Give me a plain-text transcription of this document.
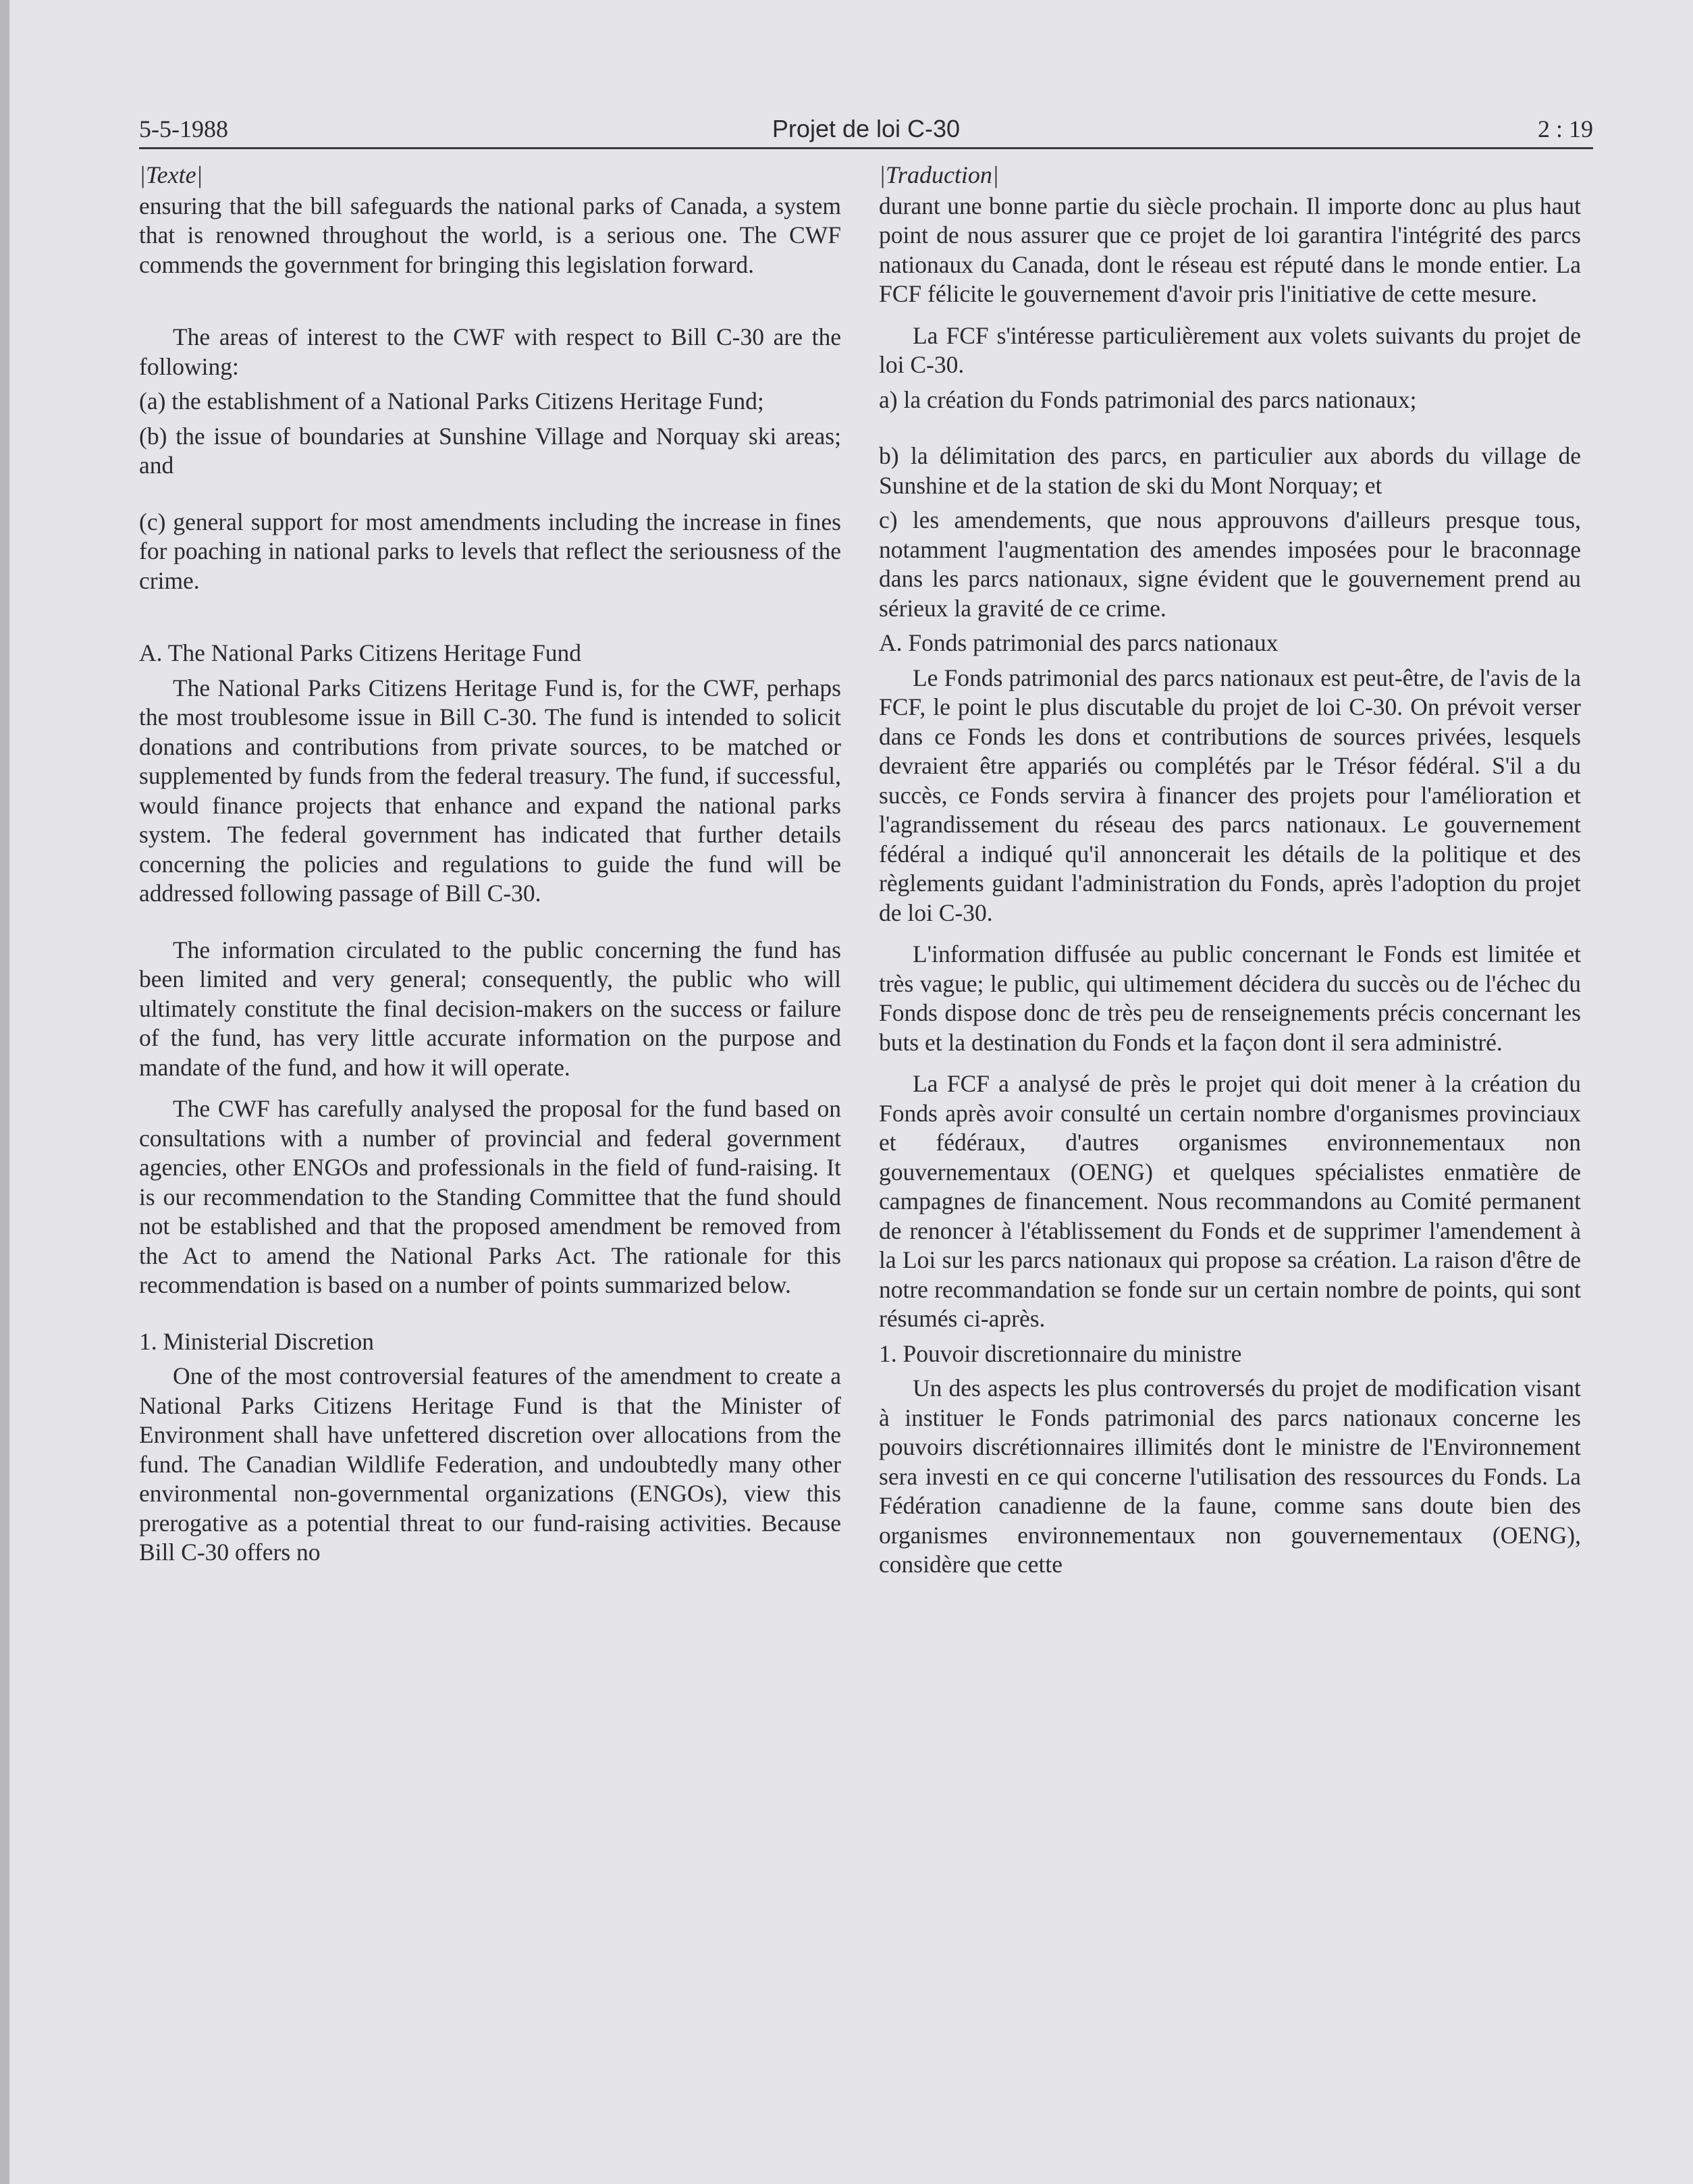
5-5-1988	Projet de loi C-30	2 : 19

|Texte|

ensuring that the bill safeguards the national parks of Canada, a system that is renowned throughout the world, is a serious one. The CWF commends the government for bringing this legislation forward.

The areas of interest to the CWF with respect to Bill C-30 are the following:

(a) the establishment of a National Parks Citizens Heritage Fund;

(b) the issue of boundaries at Sunshine Village and Norquay ski areas; and

(c) general support for most amendments including the increase in fines for poaching in national parks to levels that reflect the seriousness of the crime.

A. The National Parks Citizens Heritage Fund

The National Parks Citizens Heritage Fund is, for the CWF, perhaps the most troublesome issue in Bill C-30. The fund is intended to solicit donations and contributions from private sources, to be matched or supplemented by funds from the federal treasury. The fund, if successful, would finance projects that enhance and expand the national parks system. The federal government has indicated that further details concerning the policies and regulations to guide the fund will be addressed following passage of Bill C-30.

The information circulated to the public concerning the fund has been limited and very general; consequently, the public who will ultimately constitute the final decision-makers on the success or failure of the fund, has very little accurate information on the purpose and mandate of the fund, and how it will operate.

The CWF has carefully analysed the proposal for the fund based on consultations with a number of provincial and federal government agencies, other ENGOs and professionals in the field of fund-raising. It is our recommendation to the Standing Committee that the fund should not be established and that the proposed amendment be removed from the Act to amend the National Parks Act. The rationale for this recommendation is based on a number of points summarized below.

1. Ministerial Discretion

One of the most controversial features of the amendment to create a National Parks Citizens Heritage Fund is that the Minister of Environment shall have unfettered discretion over allocations from the fund. The Canadian Wildlife Federation, and undoubtedly many other environmental non-governmental organizations (ENGOs), view this prerogative as a potential threat to our fund-raising activities. Because Bill C-30 offers no

|Traduction|

durant une bonne partie du siècle prochain. Il importe donc au plus haut point de nous assurer que ce projet de loi garantira l'intégrité des parcs nationaux du Canada, dont le réseau est réputé dans le monde entier. La FCF félicite le gouvernement d'avoir pris l'initiative de cette mesure.

La FCF s'intéresse particulièrement aux volets suivants du projet de loi C-30.

a) la création du Fonds patrimonial des parcs nationaux;

b) la délimitation des parcs, en particulier aux abords du village de Sunshine et de la station de ski du Mont Norquay; et

c) les amendements, que nous approuvons d'ailleurs presque tous, notamment l'augmentation des amendes imposées pour le braconnage dans les parcs nationaux, signe évident que le gouvernement prend au sérieux la gravité de ce crime.

A. Fonds patrimonial des parcs nationaux

Le Fonds patrimonial des parcs nationaux est peut-être, de l'avis de la FCF, le point le plus discutable du projet de loi C-30. On prévoit verser dans ce Fonds les dons et contributions de sources privées, lesquels devraient être appariés ou complétés par le Trésor fédéral. S'il a du succès, ce Fonds servira à financer des projets pour l'amélioration et l'agrandissement du réseau des parcs nationaux. Le gouvernement fédéral a indiqué qu'il annoncerait les détails de la politique et des règlements guidant l'administration du Fonds, après l'adoption du projet de loi C-30.

L'information diffusée au public concernant le Fonds est limitée et très vague; le public, qui ultimement décidera du succès ou de l'échec du Fonds dispose donc de très peu de renseignements précis concernant les buts et la destination du Fonds et la façon dont il sera administré.

La FCF a analysé de près le projet qui doit mener à la création du Fonds après avoir consulté un certain nombre d'organismes provinciaux et fédéraux, d'autres organismes environnementaux non gouvernementaux (OENG) et quelques spécialistes enmatière de campagnes de financement. Nous recommandons au Comité permanent de renoncer à l'établissement du Fonds et de supprimer l'amendement à la Loi sur les parcs nationaux qui propose sa création. La raison d'être de notre recommandation se fonde sur un certain nombre de points, qui sont résumés ci-après.

1. Pouvoir discretionnaire du ministre

Un des aspects les plus controversés du projet de modification visant à instituer le Fonds patrimonial des parcs nationaux concerne les pouvoirs discrétionnaires illimités dont le ministre de l'Environnement sera investi en ce qui concerne l'utilisation des ressources du Fonds. La Fédération canadienne de la faune, comme sans doute bien des organismes environnementaux non gouvernementaux (OENG), considère que cette
